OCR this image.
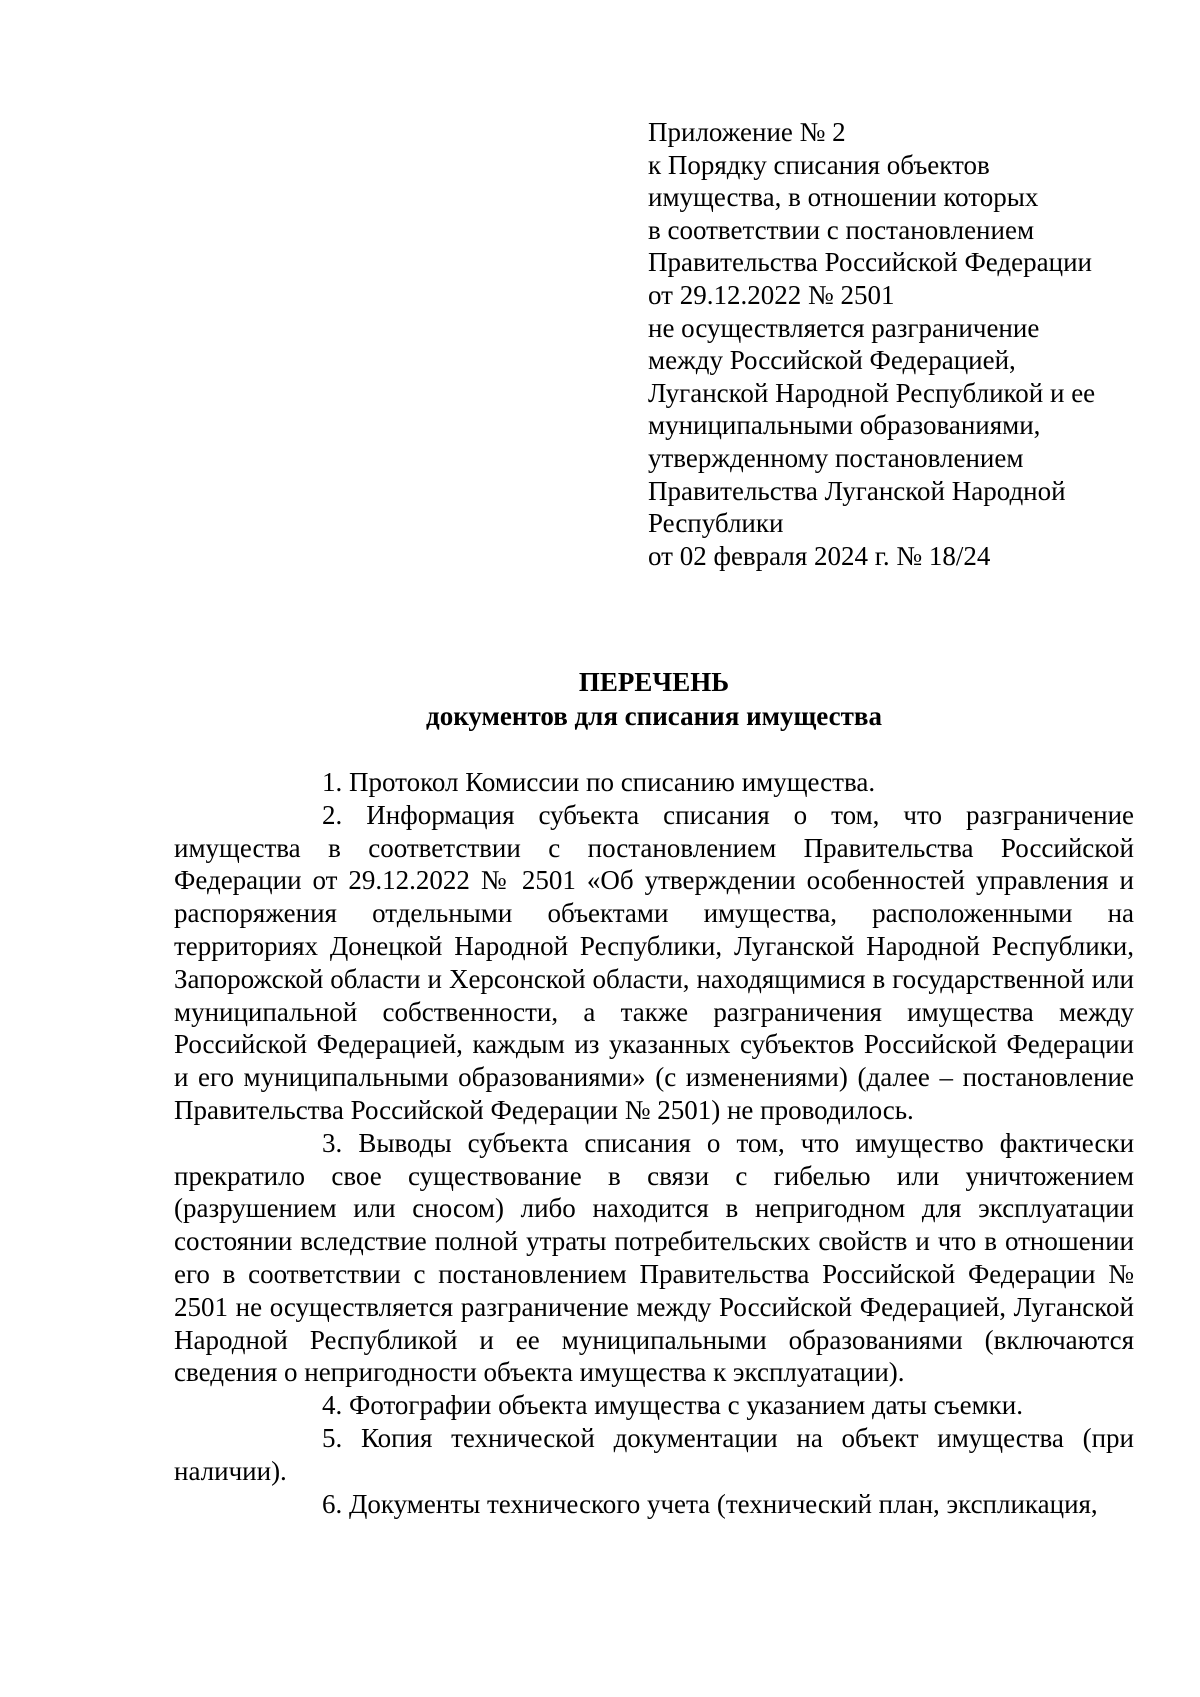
Приложение № 2
к Порядку списания объектов
имущества, в отношении которых
в соответствии с постановлением
Правительства Российской Федерации
от 29.12.2022 № 2501
не осуществляется разграничение
между Российской Федерацией,
Луганской Народной Республикой и ее
муниципальными образованиями,
утвержденному постановлением
Правительства Луганской Народной
Республики
от 02 февраля 2024 г. № 18/24
ПЕРЕЧЕНЬ
документов для списания имущества

1. Протокол Комиссии по списанию имущества.

2. Информация субъекта списания о том, что разграничение имущества в соответствии с постановлением Правительства Российской Федерации от 29.12.2022 № 2501 «Об утверждении особенностей управления и распоряжения отдельными объектами имущества, расположенными на территориях Донецкой Народной Республики, Луганской Народной Республики, Запорожской области и Херсонской области, находящимися в государственной или муниципальной собственности, а также разграничения имущества между Российской Федерацией, каждым из указанных субъектов Российской Федерации и его муниципальными образованиями» (с изменениями) (далее – постановление Правительства Российской Федерации № 2501) не проводилось.

3. Выводы субъекта списания о том, что имущество фактически прекратило свое существование в связи с гибелью или уничтожением (разрушением или сносом) либо находится в непригодном для эксплуатации состоянии вследствие полной утраты потребительских свойств и что в отношении его в соответствии с постановлением Правительства Российской Федерации № 2501 не осуществляется разграничение между Российской Федерацией, Луганской Народной Республикой и ее муниципальными образованиями (включаются сведения о непригодности объекта имущества к эксплуатации).

4. Фотографии объекта имущества с указанием даты съемки.

5. Копия технической документации на объект имущества (при наличии).

6. Документы технического учета (технический план, экспликация,
